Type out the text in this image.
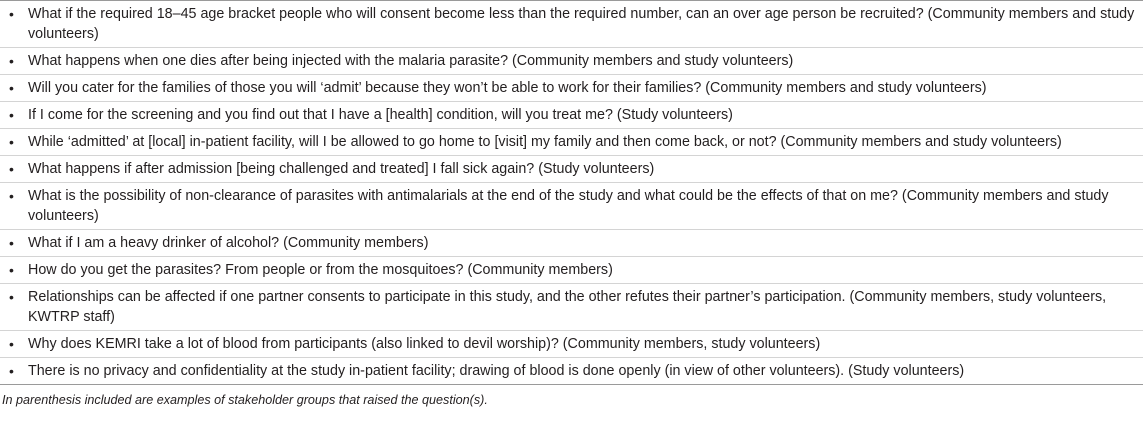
• What if the required 18–45 age bracket people who will consent become less than the required number, can an over age person be recruited? (Community members and study volunteers)
• What happens when one dies after being injected with the malaria parasite? (Community members and study volunteers)
• Will you cater for the families of those you will ‘admit’ because they won’t be able to work for their families? (Community members and study volunteers)
• If I come for the screening and you find out that I have a [health] condition, will you treat me? (Study volunteers)
• While ‘admitted’ at [local] in-patient facility, will I be allowed to go home to [visit] my family and then come back, or not? (Community members and study volunteers)
• What happens if after admission [being challenged and treated] I fall sick again? (Study volunteers)
• What is the possibility of non-clearance of parasites with antimalarials at the end of the study and what could be the effects of that on me? (Community members and study volunteers)
• What if I am a heavy drinker of alcohol? (Community members)
• How do you get the parasites? From people or from the mosquitoes? (Community members)
• Relationships can be affected if one partner consents to participate in this study, and the other refutes their partner’s participation. (Community members, study volunteers, KWTRP staff)
• Why does KEMRI take a lot of blood from participants (also linked to devil worship)? (Community members, study volunteers)
• There is no privacy and confidentiality at the study in-patient facility; drawing of blood is done openly (in view of other volunteers). (Study volunteers)
In parenthesis included are examples of stakeholder groups that raised the question(s).
